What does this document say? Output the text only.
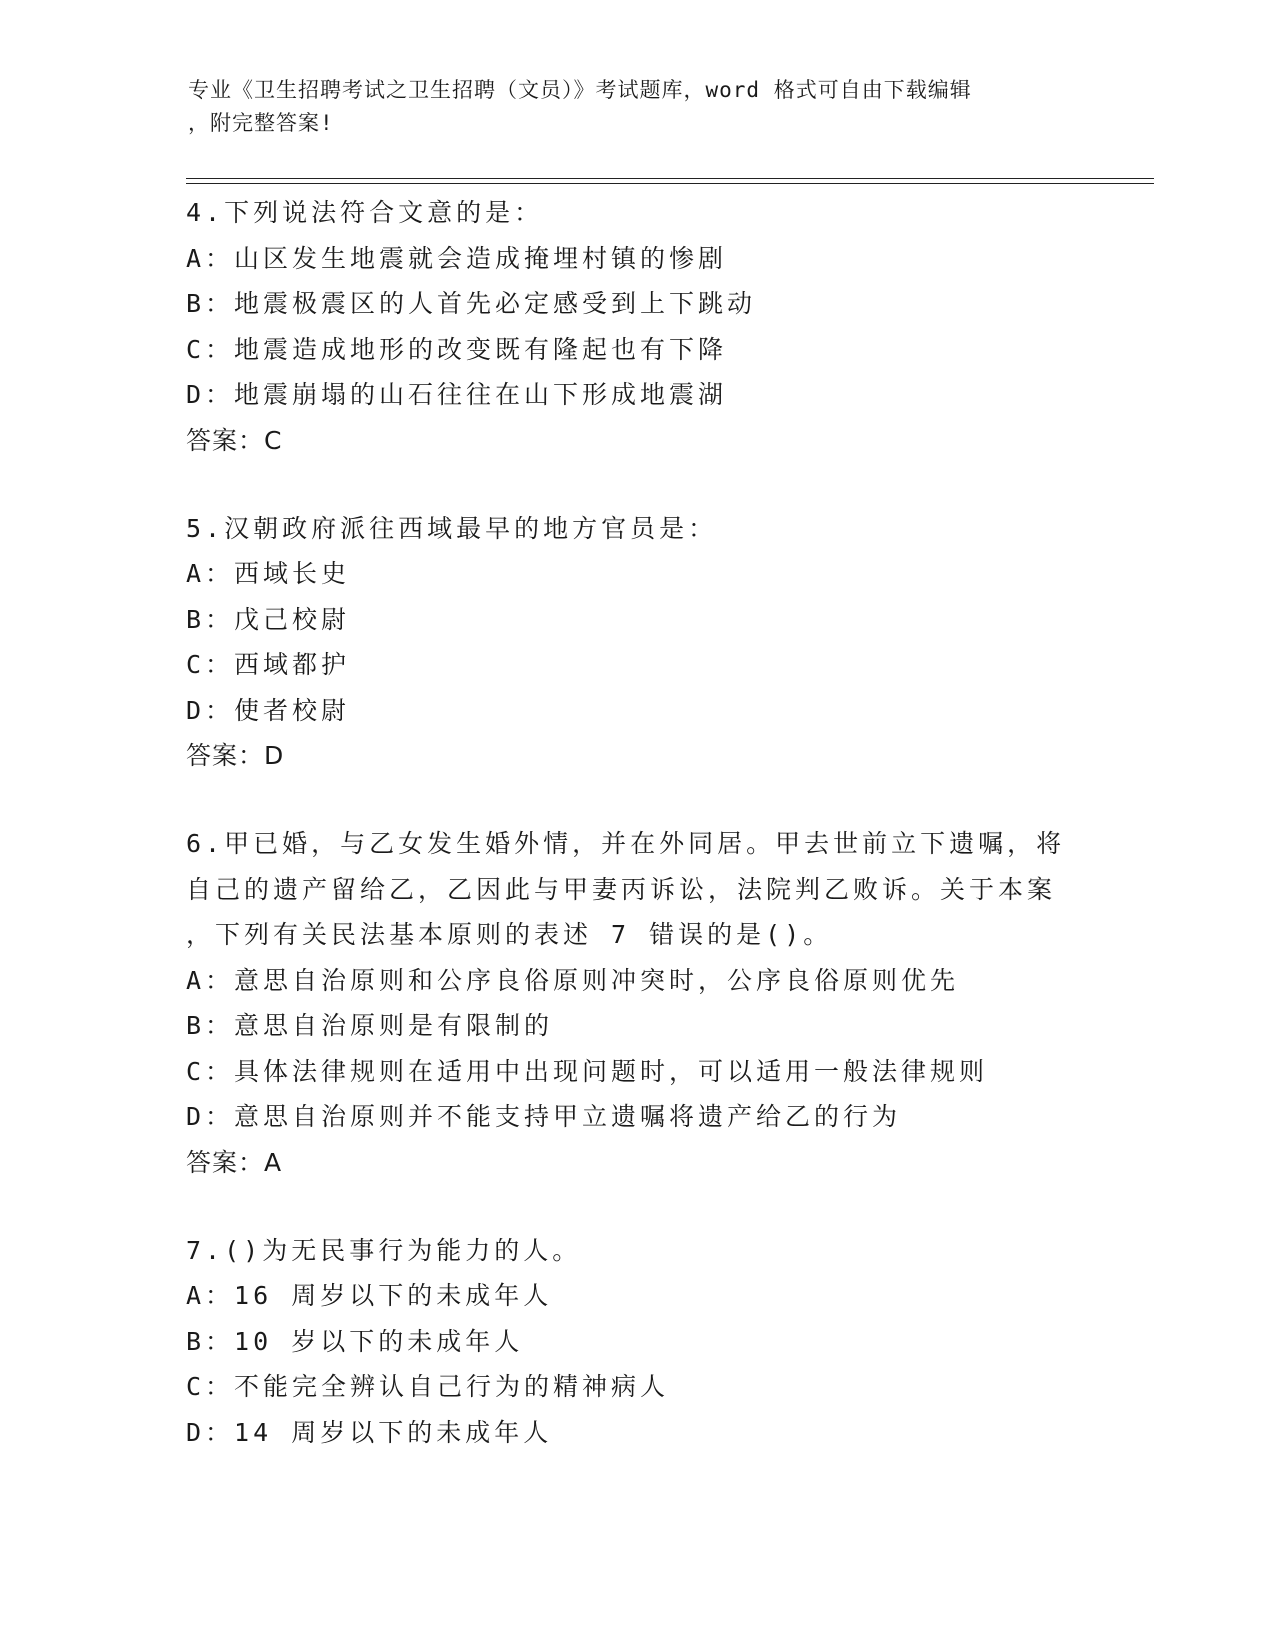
专业《卫生招聘考试之卫生招聘（文员）》考试题库，word 格式可自由下载编辑
，附完整答案!
4.下列说法符合文意的是：
A：山区发生地震就会造成掩埋村镇的惨剧
B：地震极震区的人首先必定感受到上下跳动
C：地震造成地形的改变既有隆起也有下降
D：地震崩塌的山石往往在山下形成地震湖
答案：C
5.汉朝政府派往西域最早的地方官员是：
A：西域长史
B：戊己校尉
C：西域都护
D：使者校尉
答案：D
6.甲已婚，与乙女发生婚外情，并在外同居。甲去世前立下遗嘱，将
自己的遗产留给乙，乙因此与甲妻丙诉讼，法院判乙败诉。关于本案
，下列有关民法基本原则的表述 7 错误的是()。
A：意思自治原则和公序良俗原则冲突时，公序良俗原则优先
B：意思自治原则是有限制的
C：具体法律规则在适用中出现问题时，可以适用一般法律规则
D：意思自治原则并不能支持甲立遗嘱将遗产给乙的行为
答案：A
7.()为无民事行为能力的人。
A：16 周岁以下的未成年人
B：10 岁以下的未成年人
C：不能完全辨认自己行为的精神病人
D：14 周岁以下的未成年人
